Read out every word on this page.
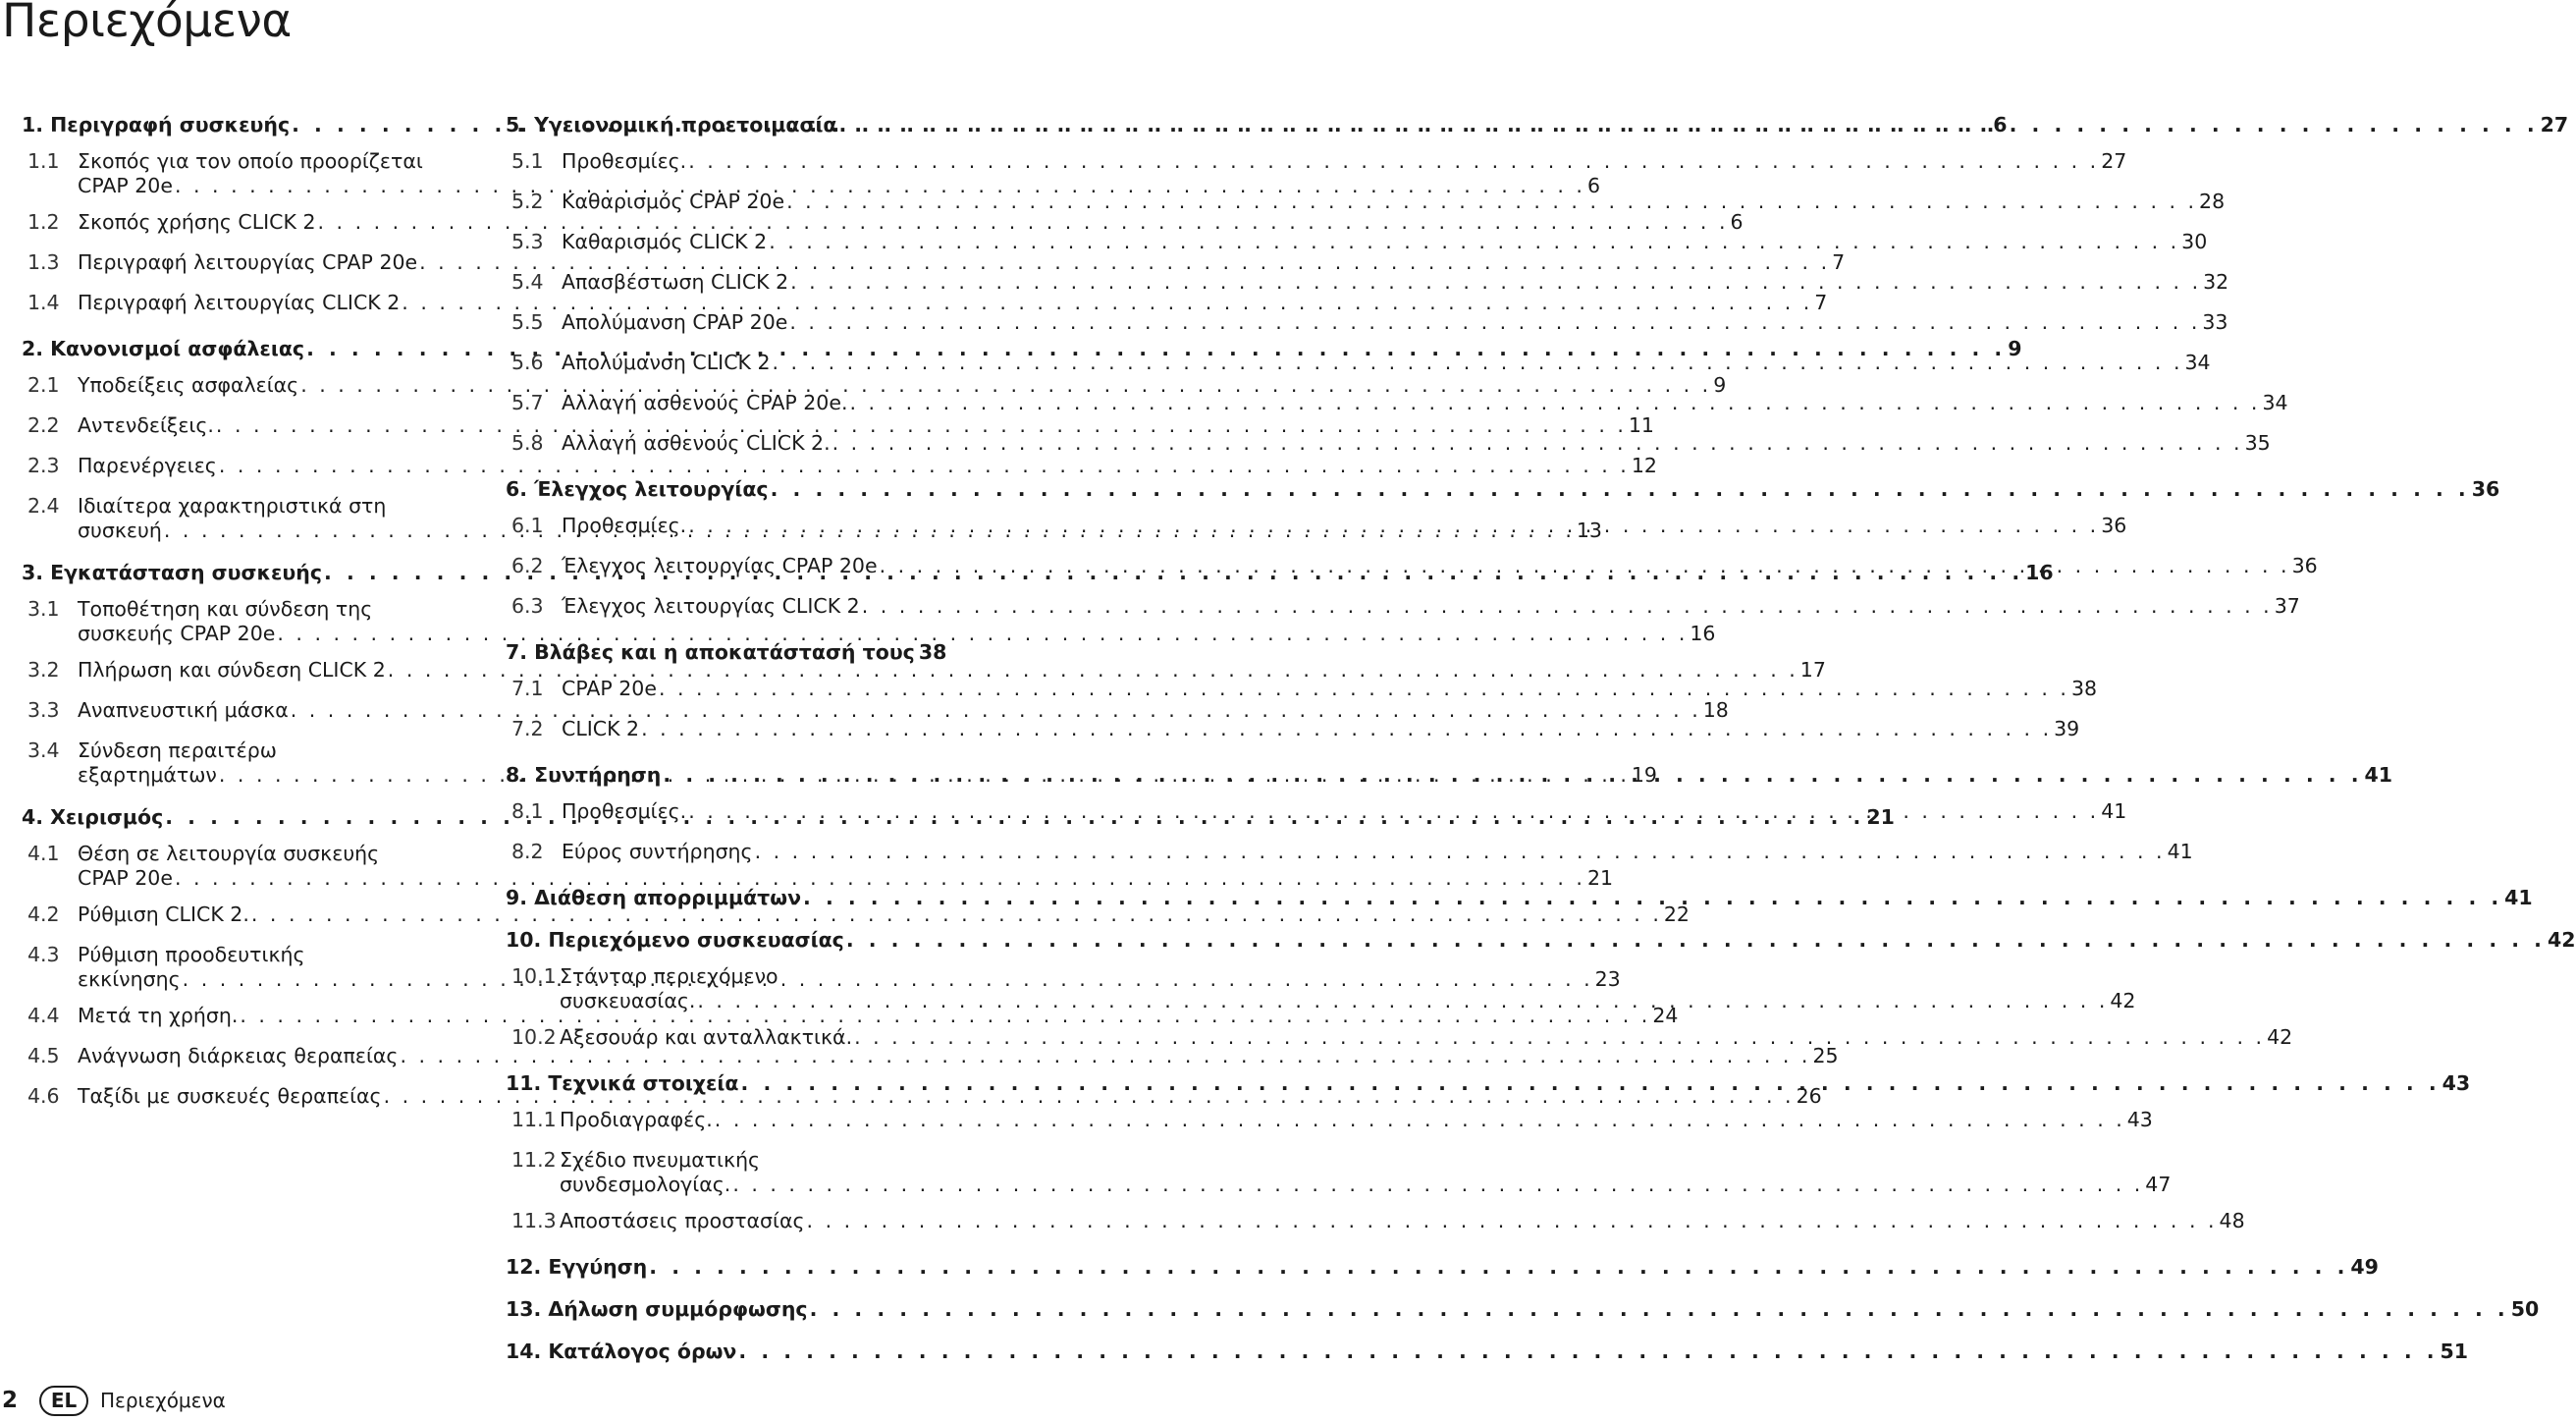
Περιεχόμενα
1. Περιγραφή συσκευής . . .	6
1.1 Σκοπός για τον οποίο προορίζεται
CPAP 20e . . .	6
1.2 Σκοπός χρήσης CLICK 2 . . .	6
1.3 Περιγραφή λειτουργίας CPAP 20e . . .	7
1.4 Περιγραφή λειτουργίας CLICK 2 . . .	7
2. Κανονισμοί ασφάλειας . . .	9
2.1 Υποδείξεις ασφαλείας . . .	9
2.2 Αντενδείξεις. . . .	11
2.3 Παρενέργειες . . .	12
2.4 Ιδιαίτερα χαρακτηριστικά στη
συσκευή . . .	13
3. Εγκατάσταση συσκευής . . .	16
3.1 Τοποθέτηση και σύνδεση της
συσκευής CPAP 20e . . .	16
3.2 Πλήρωση και σύνδεση CLICK 2 . . .	17
3.3 Αναπνευστική μάσκα . . .	18
3.4 Σύνδεση περαιτέρω
εξαρτημάτων . . .	19
4. Χειρισμός . . .	21
4.1 Θέση σε λειτουργία συσκευής
CPAP 20e . . .	21
4.2 Ρύθμιση CLICK 2. . . .	22
4.3 Ρύθμιση προοδευτικής
εκκίνησης . . .	23
4.4 Μετά τη χρήση. . . .	24
4.5 Ανάγνωση διάρκειας θεραπείας . . .	25
4.6 Ταξίδι με συσκευές θεραπείας . . .	26
5. Υγειονομική προετοιμασία . . .	27
5.1 Προθεσμίες. . . .	27
5.2 Καθαρισμός CPAP 20e . . .	28
5.3 Καθαρισμός CLICK 2 . . .	30
5.4 Απασβέστωση CLICK 2 . . .	32
5.5 Απολύμανση CPAP 20e . . .	33
5.6 Απολύμανση CLICK 2 . . .	34
5.7 Αλλαγή ασθενούς CPAP 20e. . . .	34
5.8 Αλλαγή ασθενούς CLICK 2. . . .	35
6. Έλεγχος λειτουργίας . . .	36
6.1 Προθεσμίες. . . .	36
6.2 Έλεγχος λειτουργίας CPAP 20e . . .	36
6.3 Έλεγχος λειτουργίας CLICK 2 . . .	37
7. Βλάβες και η αποκατάστασή τους 38
7.1 CPAP 20e . . .	38
7.2 CLICK 2 . . .	39
8. Συντήρηση . . .	41
8.1 Προθεσμίες. . . .	41
8.2 Εύρος συντήρησης . . .	41
9. Διάθεση απορριμμάτων . . .	41
10. Περιεχόμενο συσκευασίας . . .	42
10.1 Στάνταρ περιεχόμενο
συσκευασίας. . . .	42
10.2 Αξεσουάρ και ανταλλακτικά. . . .	42
11. Τεχνικά στοιχεία . . .	43
11.1 Προδιαγραφές. . . .	43
11.2 Σχέδιο πνευματικής
συνδεσμολογίας. . . .	47
11.3 Αποστάσεις προστασίας . . .	48
12. Εγγύηση . . .	49
13. Δήλωση συμμόρφωσης . . .	50
14. Κατάλογος όρων . . .	51
2	EL	Περιεχόμενα
